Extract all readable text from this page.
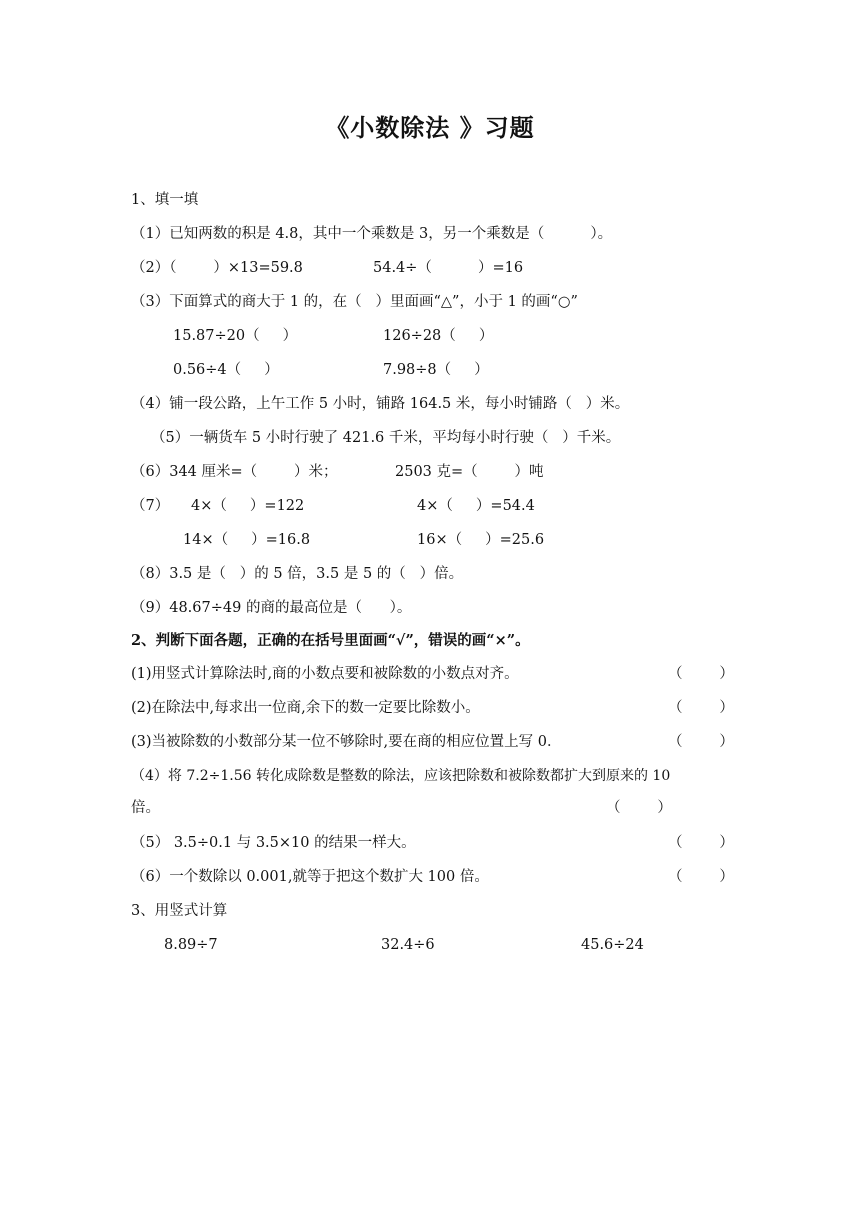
《小数除法 》习题
1、填一填
（1）已知两数的积是 4.8，其中一个乘数是 3，另一个乘数是（          ）。
（2）（        ）×13=59.8	54.4÷（          ）=16
（3）下面算式的商大于 1 的，在（   ）里面画“△”，小于 1 的画“○”
15.87÷20（     ）	126÷28（     ）
0.56÷4（     ）	7.98÷8（     ）
（4）铺一段公路，上午工作 5 小时，铺路 164.5 米，每小时铺路（   ）米。
（5）一辆货车 5 小时行驶了 421.6 千米，平均每小时行驶（   ）千米。
（6）344 厘米=（        ）米；	2503 克=（        ）吨
（7） 4×（     ）=122	4×（     ）=54.4
14×（     ）=16.8	16×（     ）=25.6
（8）3.5 是（   ）的 5 倍，3.5 是 5 的（   ）倍。
（9）48.67÷49 的商的最高位是（      ）。
2、判断下面各题，正确的在括号里面画“√”，错误的画“×”。
(1)用竖式计算除法时,商的小数点要和被除数的小数点对齐。	（        ）
(2)在除法中,每求出一位商,余下的数一定要比除数小。	（        ）
(3)当被除数的小数部分某一位不够除时,要在商的相应位置上写 0．	（        ）
（4）将 7.2÷1.56 转化成除数是整数的除法，应该把除数和被除数都扩大到原来的 10
倍。	（        ）
（5） 3.5÷0.1 与 3.5×10 的结果一样大。	（        ）
（6）一个数除以 0.001,就等于把这个数扩大 100 倍。	（        ）
3、用竖式计算
8.89÷7	32.4÷6	45.6÷24
